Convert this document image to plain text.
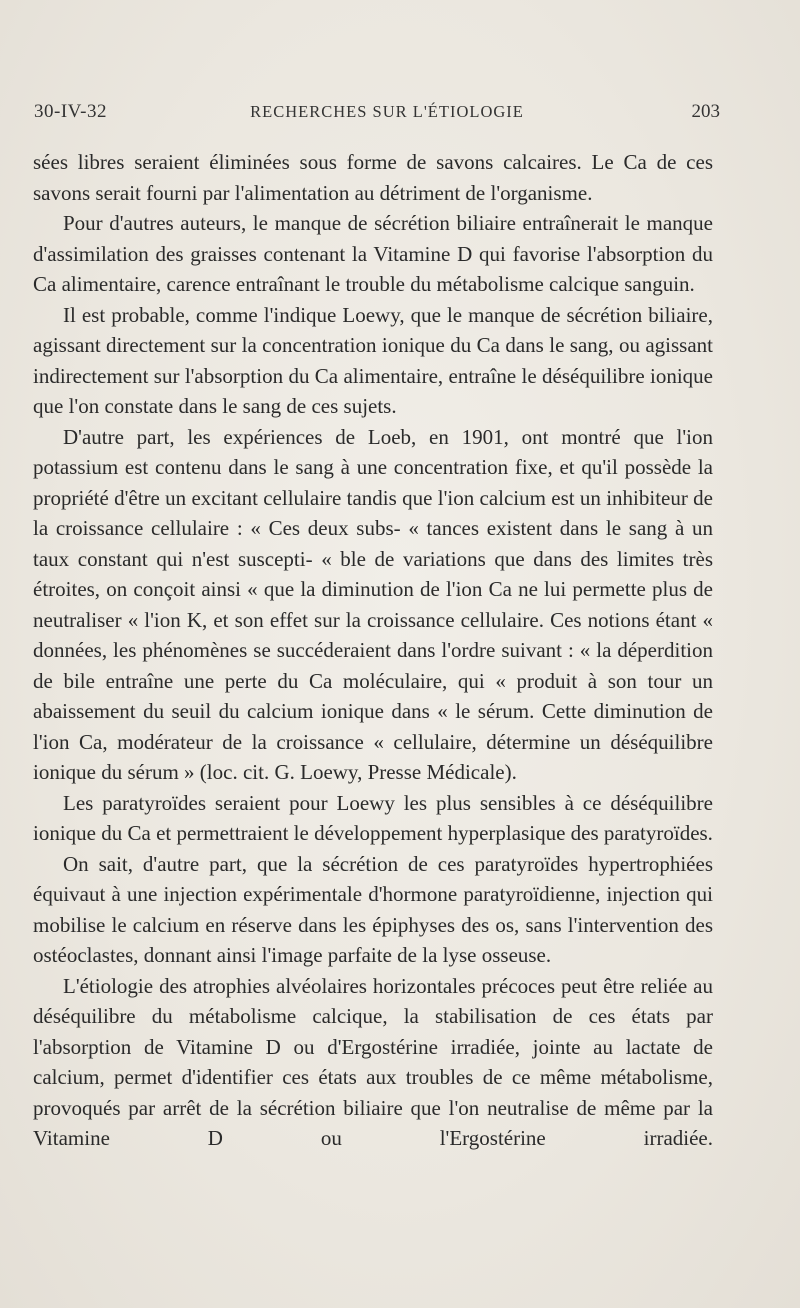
30-IV-32	RECHERCHES SUR L'ÉTIOLOGIE	203

sées libres seraient éliminées sous forme de savons calcaires. Le Ca de ces savons serait fourni par l'alimentation au détriment de l'organisme.

Pour d'autres auteurs, le manque de sécrétion biliaire entraînerait le manque d'assimilation des graisses contenant la Vitamine D qui favorise l'absorption du Ca alimentaire, carence entraînant le trouble du métabolisme calcique sanguin.

Il est probable, comme l'indique Loewy, que le manque de sécrétion biliaire, agissant directement sur la concentration ionique du Ca dans le sang, ou agissant indirectement sur l'absorption du Ca alimentaire, entraîne le déséquilibre ionique que l'on constate dans le sang de ces sujets.

D'autre part, les expériences de Loeb, en 1901, ont montré que l'ion potassium est contenu dans le sang à une concentration fixe, et qu'il possède la propriété d'être un excitant cellulaire tandis que l'ion calcium est un inhibiteur de la croissance cellulaire : « Ces deux subs- « tances existent dans le sang à un taux constant qui n'est suscepti- « ble de variations que dans des limites très étroites, on conçoit ainsi « que la diminution de l'ion Ca ne lui permette plus de neutraliser « l'ion K, et son effet sur la croissance cellulaire. Ces notions étant « données, les phénomènes se succéderaient dans l'ordre suivant : « la déperdition de bile entraîne une perte du Ca moléculaire, qui « produit à son tour un abaissement du seuil du calcium ionique dans « le sérum. Cette diminution de l'ion Ca, modérateur de la croissance « cellulaire, détermine un déséquilibre ionique du sérum » (loc. cit. G. Loewy, Presse Médicale).

Les paratyroïdes seraient pour Loewy les plus sensibles à ce déséquilibre ionique du Ca et permettraient le développement hyperplasique des paratyroïdes.

On sait, d'autre part, que la sécrétion de ces paratyroïdes hypertrophiées équivaut à une injection expérimentale d'hormone paratyroïdienne, injection qui mobilise le calcium en réserve dans les épiphyses des os, sans l'intervention des ostéoclastes, donnant ainsi l'image parfaite de la lyse osseuse.

L'étiologie des atrophies alvéolaires horizontales précoces peut être reliée au déséquilibre du métabolisme calcique, la stabilisation de ces états par l'absorption de Vitamine D ou d'Ergostérine irradiée, jointe au lactate de calcium, permet d'identifier ces états aux troubles de ce même métabolisme, provoqués par arrêt de la sécrétion biliaire que l'on neutralise de même par la Vitamine D ou l'Ergostérine irradiée.
